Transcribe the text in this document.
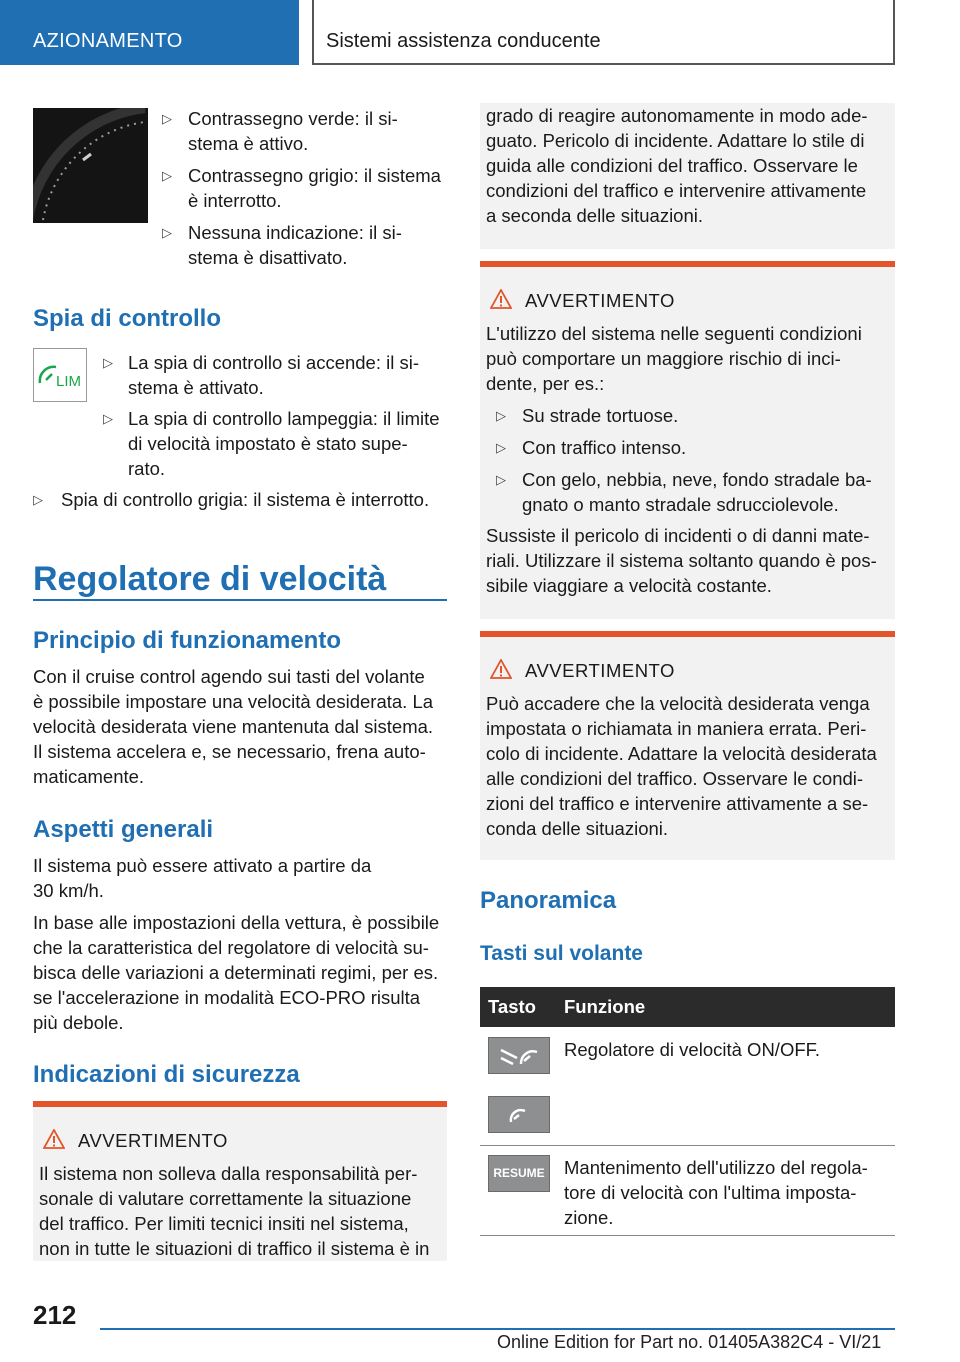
AZIONAMENTO	Sistemi assistenza conducente
▷ Contrassegno verde: il si-
stema è attivo.
▷ Contrassegno grigio: il sistema
è interrotto.
▷ Nessuna indicazione: il si-
stema è disattivato.
Spia di controllo
LIM
▷ La spia di controllo si accende: il si-
stema è attivato.
▷ La spia di controllo lampeggia: il limite
di velocità impostato è stato supe-
rato.
▷ Spia di controllo grigia: il sistema è interrotto.
Regolatore di velocità
Principio di funzionamento
Con il cruise control agendo sui tasti del volante
è possibile impostare una velocità desiderata. La
velocità desiderata viene mantenuta dal sistema.
Il sistema accelera e, se necessario, frena auto-
maticamente.
Aspetti generali
Il sistema può essere attivato a partire da
30 km/h.
In base alle impostazioni della vettura, è possibile
che la caratteristica del regolatore di velocità su-
bisca delle variazioni a determinati regimi, per es.
se l'accelerazione in modalità ECO-PRO risulta
più debole.
Indicazioni di sicurezza
AVVERTIMENTO
Il sistema non solleva dalla responsabilità per-
sonale di valutare correttamente la situazione
del traffico. Per limiti tecnici insiti nel sistema,
non in tutte le situazioni di traffico il sistema è in
grado di reagire autonomamente in modo ade-
guato. Pericolo di incidente. Adattare lo stile di
guida alle condizioni del traffico. Osservare le
condizioni del traffico e intervenire attivamente
a seconda delle situazioni.
AVVERTIMENTO
L'utilizzo del sistema nelle seguenti condizioni
può comportare un maggiore rischio di inci-
dente, per es.:
▷ Su strade tortuose.
▷ Con traffico intenso.
▷ Con gelo, nebbia, neve, fondo stradale ba-
gnato o manto stradale sdrucciolevole.
Sussiste il pericolo di incidenti o di danni mate-
riali. Utilizzare il sistema soltanto quando è pos-
sibile viaggiare a velocità costante.
AVVERTIMENTO
Può accadere che la velocità desiderata venga
impostata o richiamata in maniera errata. Peri-
colo di incidente. Adattare la velocità desiderata
alle condizioni del traffico. Osservare le condi-
zioni del traffico e intervenire attivamente a se-
conda delle situazioni.
Panoramica
Tasti sul volante
Tasto Funzione
Regolatore di velocità ON/OFF.
RESUME Mantenimento dell'utilizzo del regola-
tore di velocità con l'ultima imposta-
zione.
212
Online Edition for Part no. 01405A382C4 - VI/21
